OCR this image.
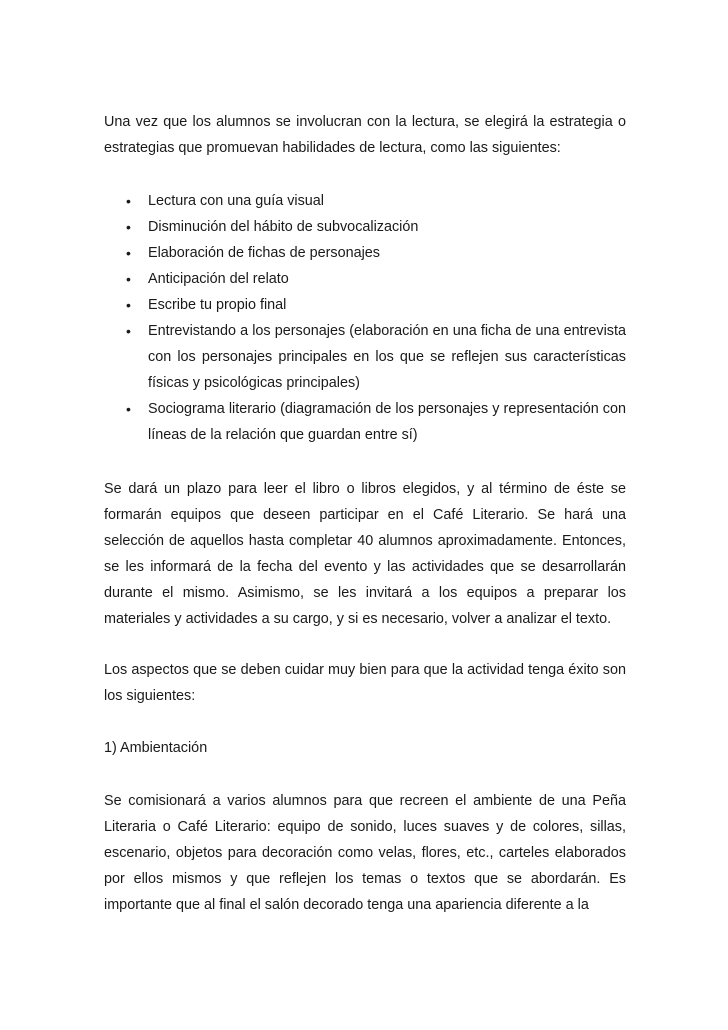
Una vez que los alumnos se involucran con la lectura, se elegirá la estrategia o estrategias que promuevan habilidades de lectura, como las siguientes:

• Lectura con una guía visual
• Disminución del hábito de subvocalización
• Elaboración de fichas de personajes
• Anticipación del relato
• Escribe tu propio final
• Entrevistando a los personajes (elaboración en una ficha de una entrevista con los personajes principales en los que se reflejen sus características físicas y psicológicas principales)
• Sociograma literario (diagramación de los personajes y representación con líneas de la relación que guardan entre sí)

Se dará un plazo para leer el libro o libros elegidos, y al término de éste se formarán equipos que deseen participar en el Café Literario. Se hará una selección de aquellos hasta completar 40 alumnos aproximadamente. Entonces, se les informará de la fecha del evento y las actividades que se desarrollarán durante el mismo. Asimismo, se les invitará a los equipos a preparar los materiales y actividades a su cargo, y si es necesario, volver a analizar el texto.

Los aspectos que se deben cuidar muy bien para que la actividad tenga éxito son los siguientes:

1) Ambientación

Se comisionará a varios alumnos para que recreen el ambiente de una Peña Literaria o Café Literario: equipo de sonido, luces suaves y de colores, sillas, escenario, objetos para decoración como velas, flores, etc., carteles elaborados por ellos mismos y que reflejen los temas o textos que se abordarán. Es importante que al final el salón decorado tenga una apariencia diferente a la
